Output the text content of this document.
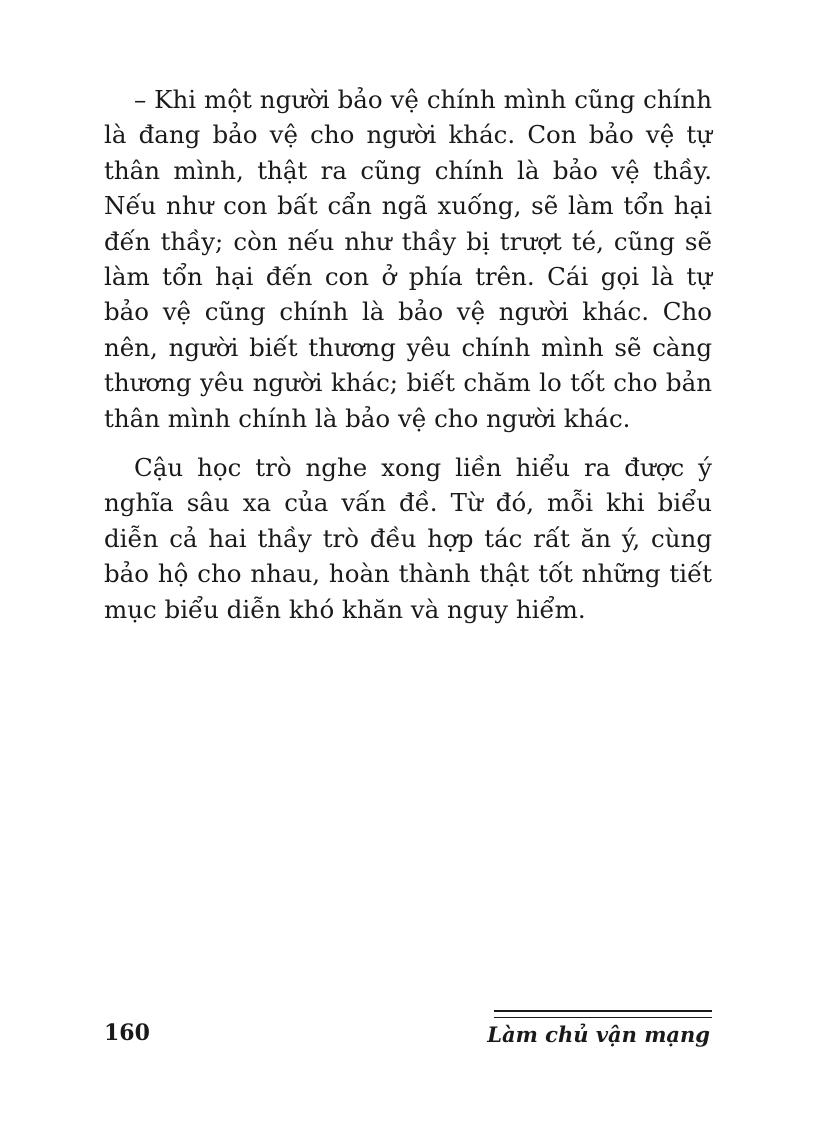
– Khi một người bảo vệ chính mình cũng chính là đang bảo vệ cho người khác. Con bảo vệ tự thân mình, thật ra cũng chính là bảo vệ thầy. Nếu như con bất cẩn ngã xuống, sẽ làm tổn hại đến thầy; còn nếu như thầy bị trượt té, cũng sẽ làm tổn hại đến con ở phía trên. Cái gọi là tự bảo vệ cũng chính là bảo vệ người khác. Cho nên, người biết thương yêu chính mình sẽ càng thương yêu người khác; biết chăm lo tốt cho bản thân mình chính là bảo vệ cho người khác.

Cậu học trò nghe xong liền hiểu ra được ý nghĩa sâu xa của vấn đề. Từ đó, mỗi khi biểu diễn cả hai thầy trò đều hợp tác rất ăn ý, cùng bảo hộ cho nhau, hoàn thành thật tốt những tiết mục biểu diễn khó khăn và nguy hiểm.

160	Làm chủ vận mạng
